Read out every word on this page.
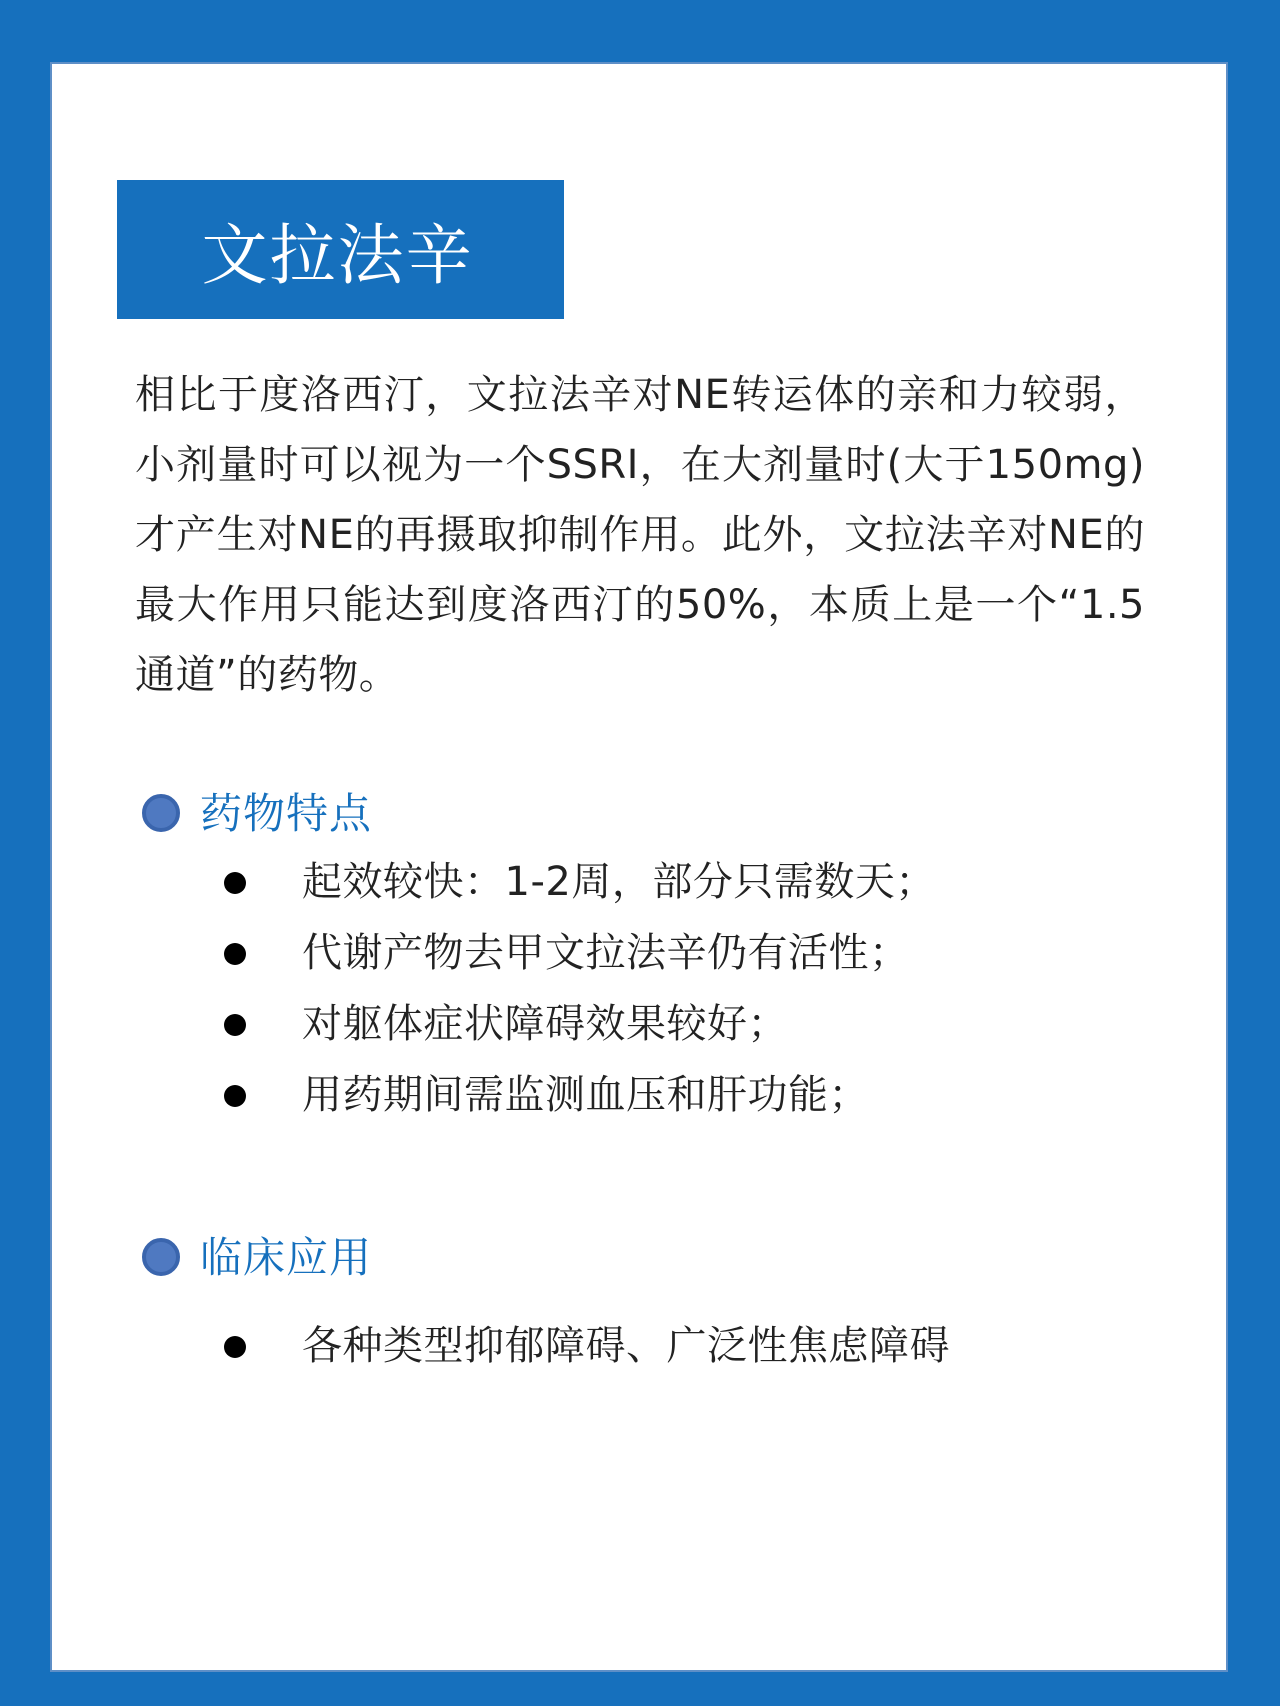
文拉法辛

相比于度洛西汀，文拉法辛对NE转运体的亲和力较弱，小剂量时可以视为一个SSRI，在大剂量时(大于150mg)才产生对NE的再摄取抑制作用。此外，文拉法辛对NE的最大作用只能达到度洛西汀的50%，本质上是一个“1.5通道”的药物。

药物特点
起效较快：1-2周，部分只需数天；
代谢产物去甲文拉法辛仍有活性；
对躯体症状障碍效果较好；
用药期间需监测血压和肝功能；
临床应用
各种类型抑郁障碍、广泛性焦虑障碍
